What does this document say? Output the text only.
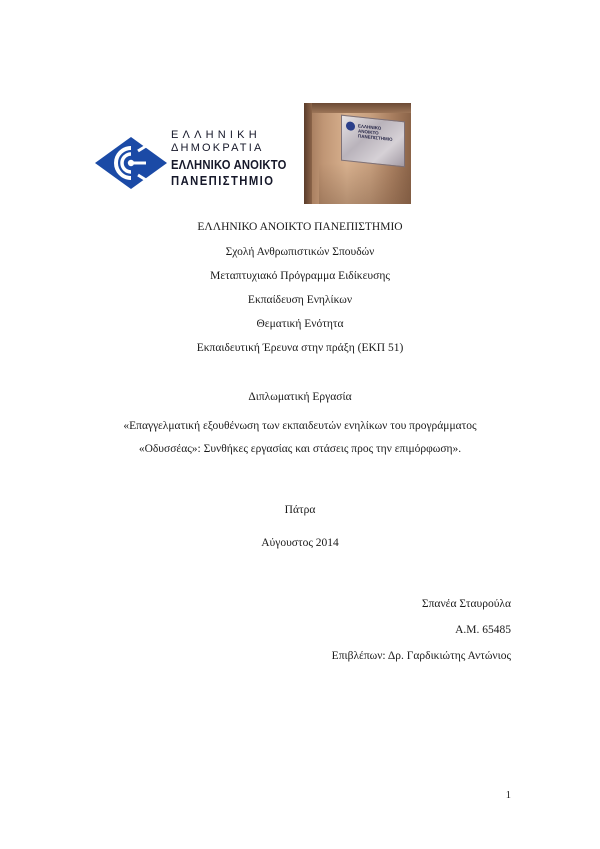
ΕΛΛΗΝΙΚΗ
ΔΗΜΟΚΡΑΤΙΑ
ΕΛΛΗΝΙΚΟ ΑΝΟΙΚΤΟ
ΠΑΝΕΠΙΣΤΗΜΙΟ
ΕΛΛΗΝΙΚΟ ΑΝΟΙΚΤΟ ΠΑΝΕΠΙΣΤΗΜΙΟ
ΕΛΛΗΝΙΚΟ ΑΝΟΙΚΤΟ ΠΑΝΕΠΙΣΤΗΜΙΟ
Σχολή Ανθρωπιστικών Σπουδών
Μεταπτυχιακό Πρόγραμμα Ειδίκευσης
Εκπαίδευση Ενηλίκων
Θεματική Ενότητα
Εκπαιδευτική Έρευνα στην πράξη (ΕΚΠ 51)
Διπλωματική Εργασία
«Επαγγελματική εξουθένωση των εκπαιδευτών ενηλίκων του προγράμματος
«Οδυσσέας»: Συνθήκες εργασίας και στάσεις προς την επιμόρφωση».
Πάτρα
Αύγουστος 2014
Σπανέα Σταυρούλα
Α.Μ. 65485
Επιβλέπων: Δρ. Γαρδικιώτης Αντώνιος
1
